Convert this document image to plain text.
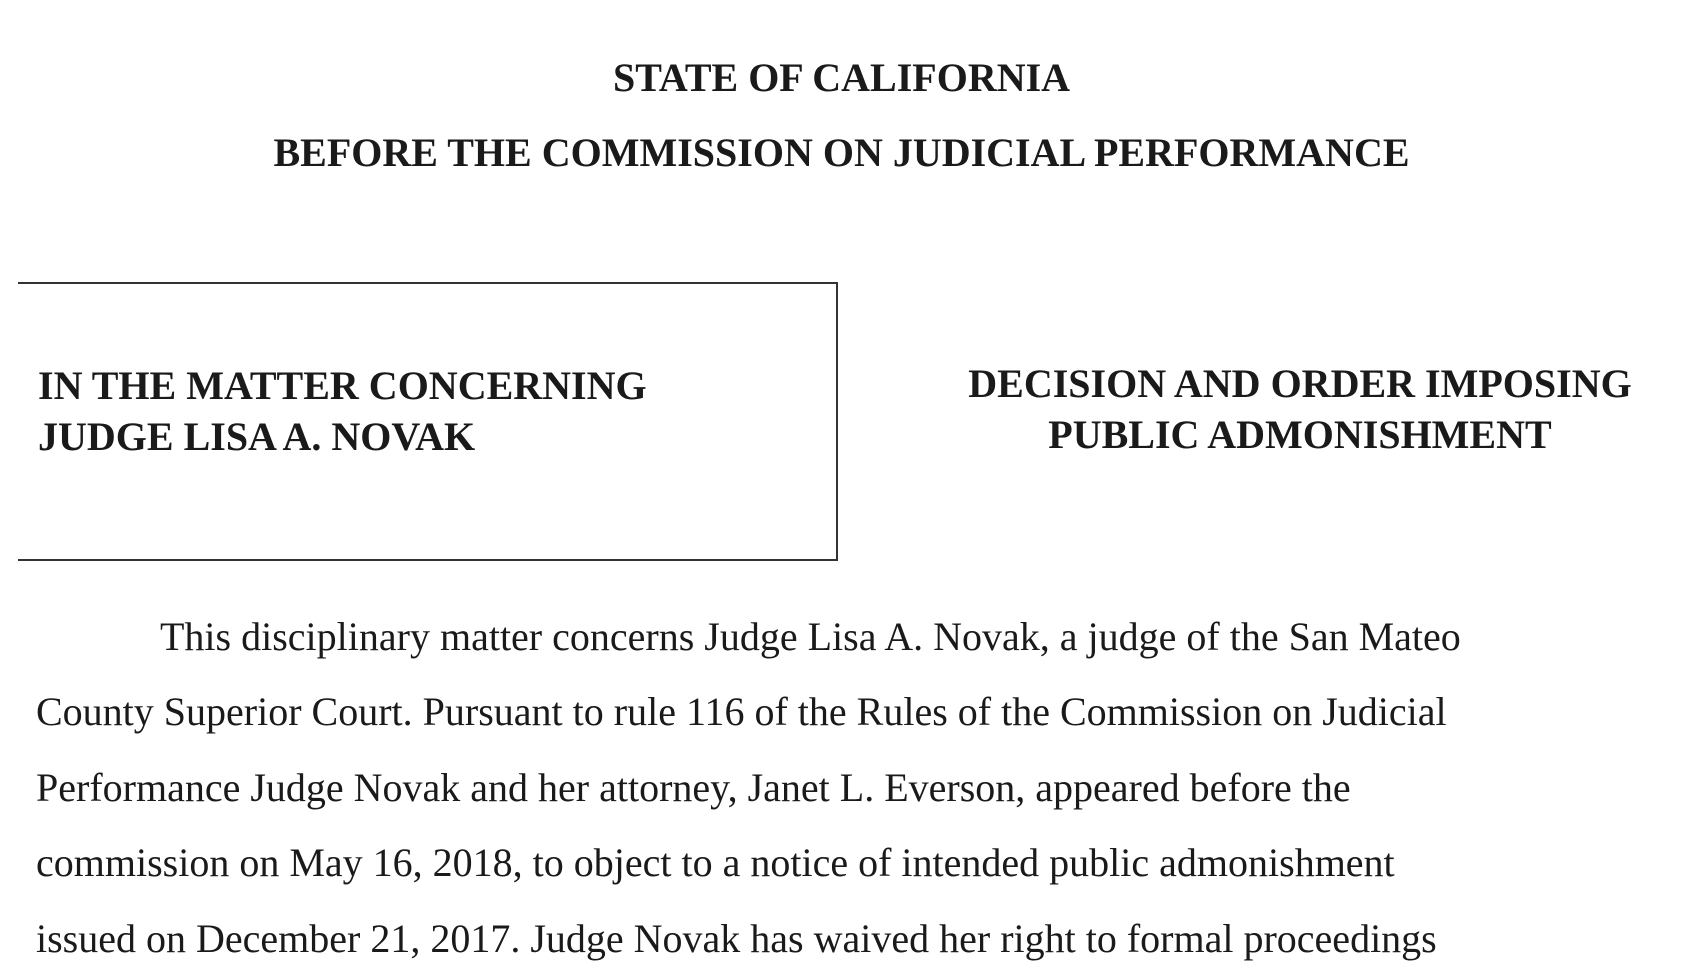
STATE OF CALIFORNIA
BEFORE THE COMMISSION ON JUDICIAL PERFORMANCE
IN THE MATTER CONCERNING
JUDGE LISA A. NOVAK
DECISION AND ORDER IMPOSING
PUBLIC ADMONISHMENT
This disciplinary matter concerns Judge Lisa A. Novak, a judge of the San Mateo
County Superior Court. Pursuant to rule 116 of the Rules of the Commission on Judicial
Performance Judge Novak and her attorney, Janet L. Everson, appeared before the
commission on May 16, 2018, to object to a notice of intended public admonishment
issued on December 21, 2017. Judge Novak has waived her right to formal proceedings
